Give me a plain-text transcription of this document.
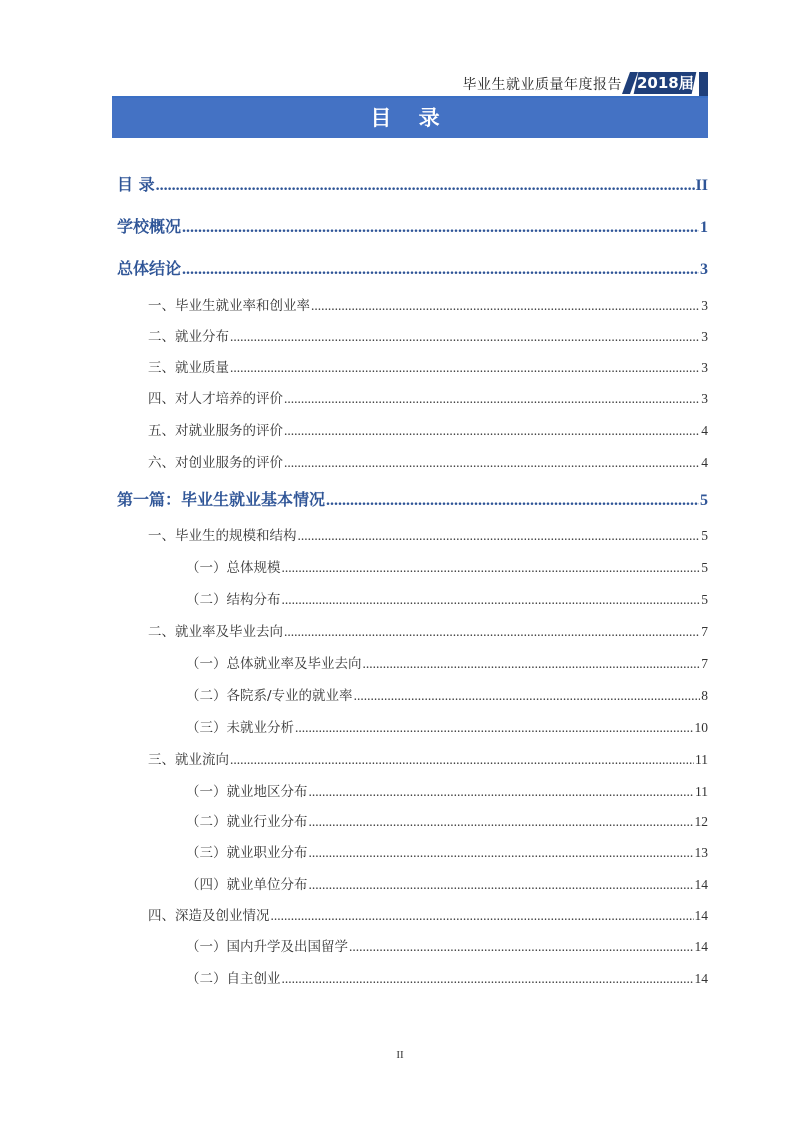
毕业生就业质量年度报告 2018届
目 录
目 录 .....	II
学校概况 .....	1
总体结论 .....	3
一、毕业生就业率和创业率 .....	3
二、就业分布 .....	3
三、就业质量 .....	3
四、对人才培养的评价 .....	3
五、对就业服务的评价 .....	4
六、对创业服务的评价 .....	4
第一篇：毕业生就业基本情况 .....	5
一、毕业生的规模和结构 .....	5
（一）总体规模 .....	5
（二）结构分布 .....	5
二、就业率及毕业去向 .....	7
（一）总体就业率及毕业去向 .....	7
（二）各院系/专业的就业率 .....	8
（三）未就业分析 .....	10
三、就业流向 .....	11
（一）就业地区分布 .....	11
（二）就业行业分布 .....	12
（三）就业职业分布 .....	13
（四）就业单位分布 .....	14
四、深造及创业情况 .....	14
（一）国内升学及出国留学 .....	14
（二）自主创业 .....	14
II
